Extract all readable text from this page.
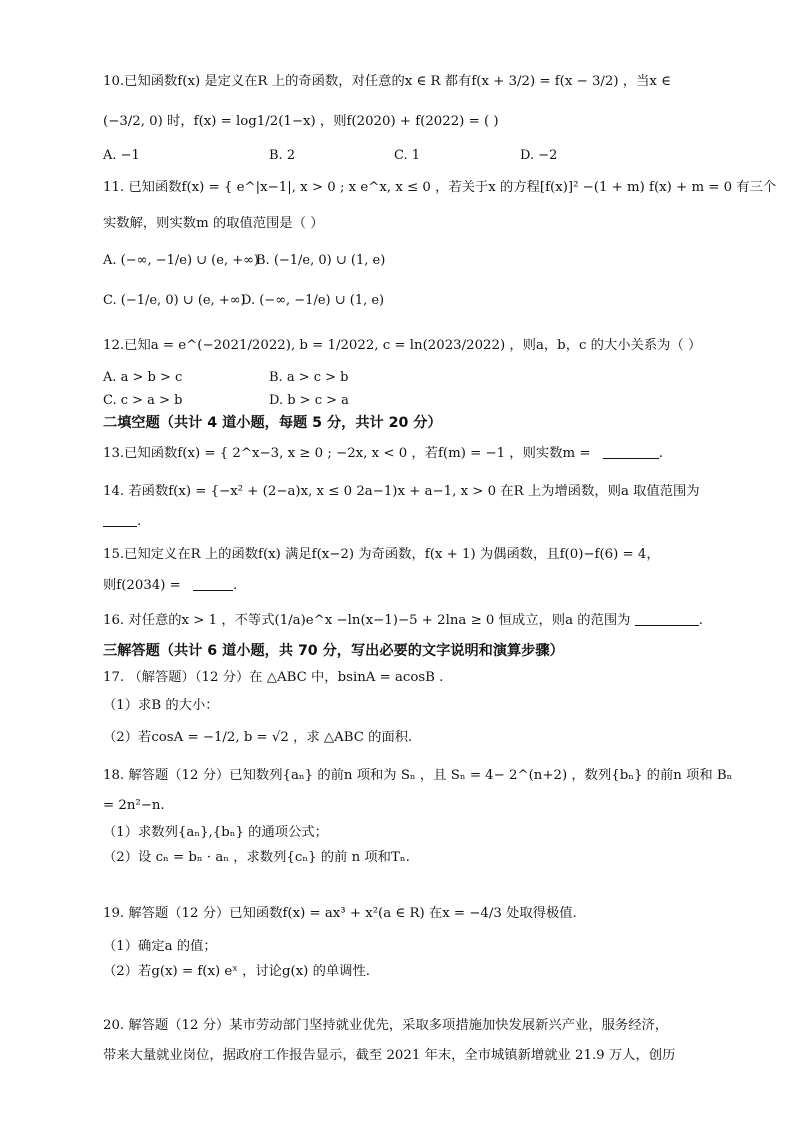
10.已知函数f(x) 是定义在R 上的奇函数，对任意的x ∈ R 都有f(x + 3/2) = f(x − 3/2) ，当x ∈
(−3/2, 0) 时，f(x) = log1/2(1−x) ，则f(2020) + f(2022) = ( )
A. −1	B. 2	C. 1	D. −2
11. 已知函数f(x) = { e^|x−1|, x > 0 ; x e^x, x ≤ 0 ，若关于x 的方程[f(x)]² −(1 + m) f(x) + m = 0 有三个
实数解，则实数m 的取值范围是（ ）
A. (−∞, −1/e) ∪ (e, +∞)
B. (−1/e, 0) ∪ (1, e)
C. (−1/e, 0) ∪ (e, +∞)
D. (−∞, −1/e) ∪ (1, e)
12.已知a = e^(−2021/2022), b = 1/2022, c = ln(2023/2022) ，则a，b，c 的大小关系为（ ）
A. a > b > c	B. a > c > b
C. c > a > b	D. b > c > a
二填空题（共计 4 道小题，每题 5 分，共计 20 分）
13.已知函数f(x) = { 2^x−3, x ≥ 0 ; −2x, x < 0 ，若f(m) = −1 ，则实数m =	.
14. 若函数f(x) = {−x² + (2−a)x, x ≤ 0 2a−1)x + a−1, x > 0 在R 上为增函数，则a 取值范围为
.
15.已知定义在R 上的函数f(x) 满足f(x−2) 为奇函数，f(x + 1) 为偶函数，且f(0)−f(6) = 4，
则f(2034) =	.
16. 对任意的x > 1 ，不等式(1/a)e^x −ln(x−1)−5 + 2lna ≥ 0 恒成立，则a 的范围为	.
三解答题（共计 6 道小题，共 70 分，写出必要的文字说明和演算步骤）
17. （解答题）（12 分）在 △ABC 中，bsinA = acosB .
（1）求B 的大小：
（2）若cosA = −1/2, b = √2 ，求 △ABC 的面积.
18. 解答题（12 分）已知数列{aₙ} 的前n 项和为 Sₙ ，且 Sₙ = 4− 2^(n+2) ，数列{bₙ} 的前n 项和 Bₙ
= 2n²−n.
（1）求数列{aₙ},{bₙ} 的通项公式；
（2）设 cₙ = bₙ · aₙ ，求数列{cₙ} 的前 n 项和Tₙ.
19. 解答题（12 分）已知函数f(x) = ax³ + x²(a ∈ R) 在x = −4/3 处取得极值.
（1）确定a 的值；
（2）若g(x) = f(x) eˣ ，讨论g(x) 的单调性.
20. 解答题（12 分）某市劳动部门坚持就业优先，采取多项措施加快发展新兴产业，服务经济，
带来大量就业岗位，据政府工作报告显示，截至 2021 年末，全市城镇新增就业 21.9 万人，创历
